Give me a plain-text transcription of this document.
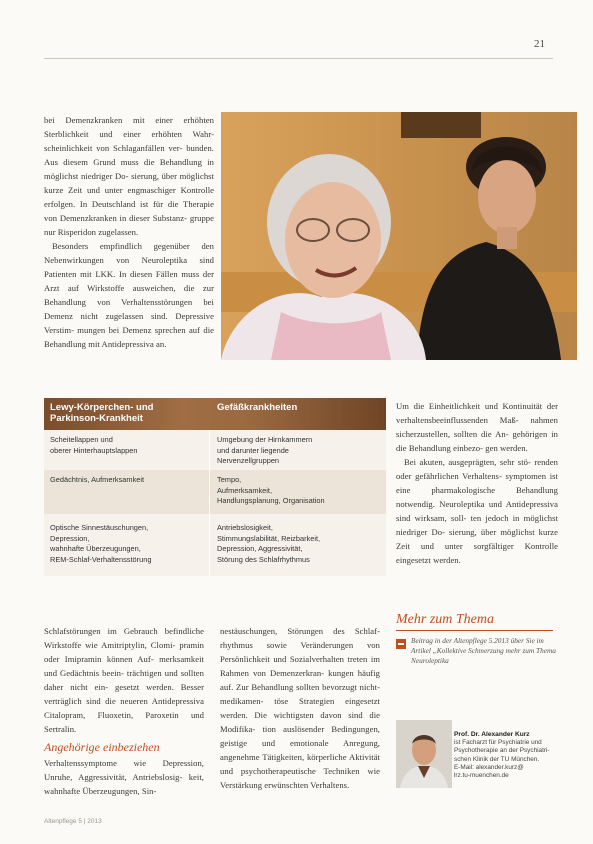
21

bei Demenzkranken mit einer erhöhten Sterblichkeit und einer erhöhten Wahr- scheinlichkeit von Schlaganfällen ver- bunden. Aus diesem Grund muss die Behandlung in möglichst niedriger Do- sierung, über möglichst kurze Zeit und unter engmaschiger Kontrolle erfolgen. In Deutschland ist für die Therapie von Demenzkranken in dieser Substanz- gruppe nur Risperidon zugelassen.

Besonders empfindlich gegenüber den Nebenwirkungen von Neuroleptika sind Patienten mit LKK. In diesen Fällen muss der Arzt auf Wirkstoffe ausweichen, die zur Behandlung von Verhaltensstörungen bei Demenz nicht zugelassen sind. Depressive Verstim- mungen bei Demenz sprechen auf die Behandlung mit Antidepressiva an.

Lewy-Körperchen- und Parkinson-Krankheit
Gefäßkrankheiten
Scheitellappen und
oberer Hinterhauptslappen
Umgebung der Hirnkammern
und darunter liegende
Nervenzellgruppen
Gedächtnis, Aufmerksamkeit	Tempo,
Aufmerksamkeit,
Handlungsplanung, Organisation
Optische Sinnestäuschungen,
Depression,
wahnhafte Überzeugungen,
REM-Schlaf-Verhaltensstörung
Antriebslosigkeit,
Stimmungslabilität, Reizbarkeit,
Depression, Aggressivität,
Störung des Schlafrhythmus

Um die Einheitlichkeit und Kontinuität der verhaltensbeeinflussenden Maß- nahmen sicherzustellen, sollten die An- gehörigen in die Behandlung einbezo- gen werden.

Bei akuten, ausgeprägten, sehr stö- renden oder gefährlichen Verhaltens- symptomen ist eine pharmakologische Behandlung notwendig. Neuroleptika und Antidepressiva sind wirksam, soll- ten jedoch in möglichst niedriger Do- sierung, über möglichst kurze Zeit und unter sorgfältiger Kontrolle eingesetzt werden.

Schlafstörungen im Gebrauch befindliche Wirkstoffe wie Amitriptylin, Clomi- pramin oder Imipramin können Auf- merksamkeit und Gedächtnis beein- trächtigen und sollten daher nicht ein- gesetzt werden. Besser verträglich sind die neueren Antidepressiva Citalopram, Fluoxetin, Paroxetin und Sertralin.

Angehörige einbeziehen

Verhaltenssymptome wie Depression, Unruhe, Aggressivität, Antriebslosig- keit, wahnhafte Überzeugungen, Sin-

nestäuschungen, Störungen des Schlaf- rhythmus sowie Veränderungen von Persönlichkeit und Sozialverhalten treten im Rahmen von Demenzerkran- kungen häufig auf. Zur Behandlung sollten bevorzugt nicht-medikamen- töse Strategien eingesetzt werden. Die wichtigsten davon sind die Modifika- tion auslösender Bedingungen, geistige und emotionale Anregung, angenehme Tätigkeiten, körperliche Aktivität und psychotherapeutische Techniken wie Verstärkung erwünschten Verhaltens.

Mehr zum Thema
Beitrag in der Altenpflege 5.2013 über Sie im Artikel „Kollektive Schmerzung mehr zum Thema Neuroleptika
Prof. Dr. Alexander Kurz
ist Facharzt für Psychiatrie und
Psychotherapie an der Psychiatri-
schen Klinik der TU München.
E-Mail: alexander.kurz@
lrz.tu-muenchen.de
Altenpflege 5 | 2013
